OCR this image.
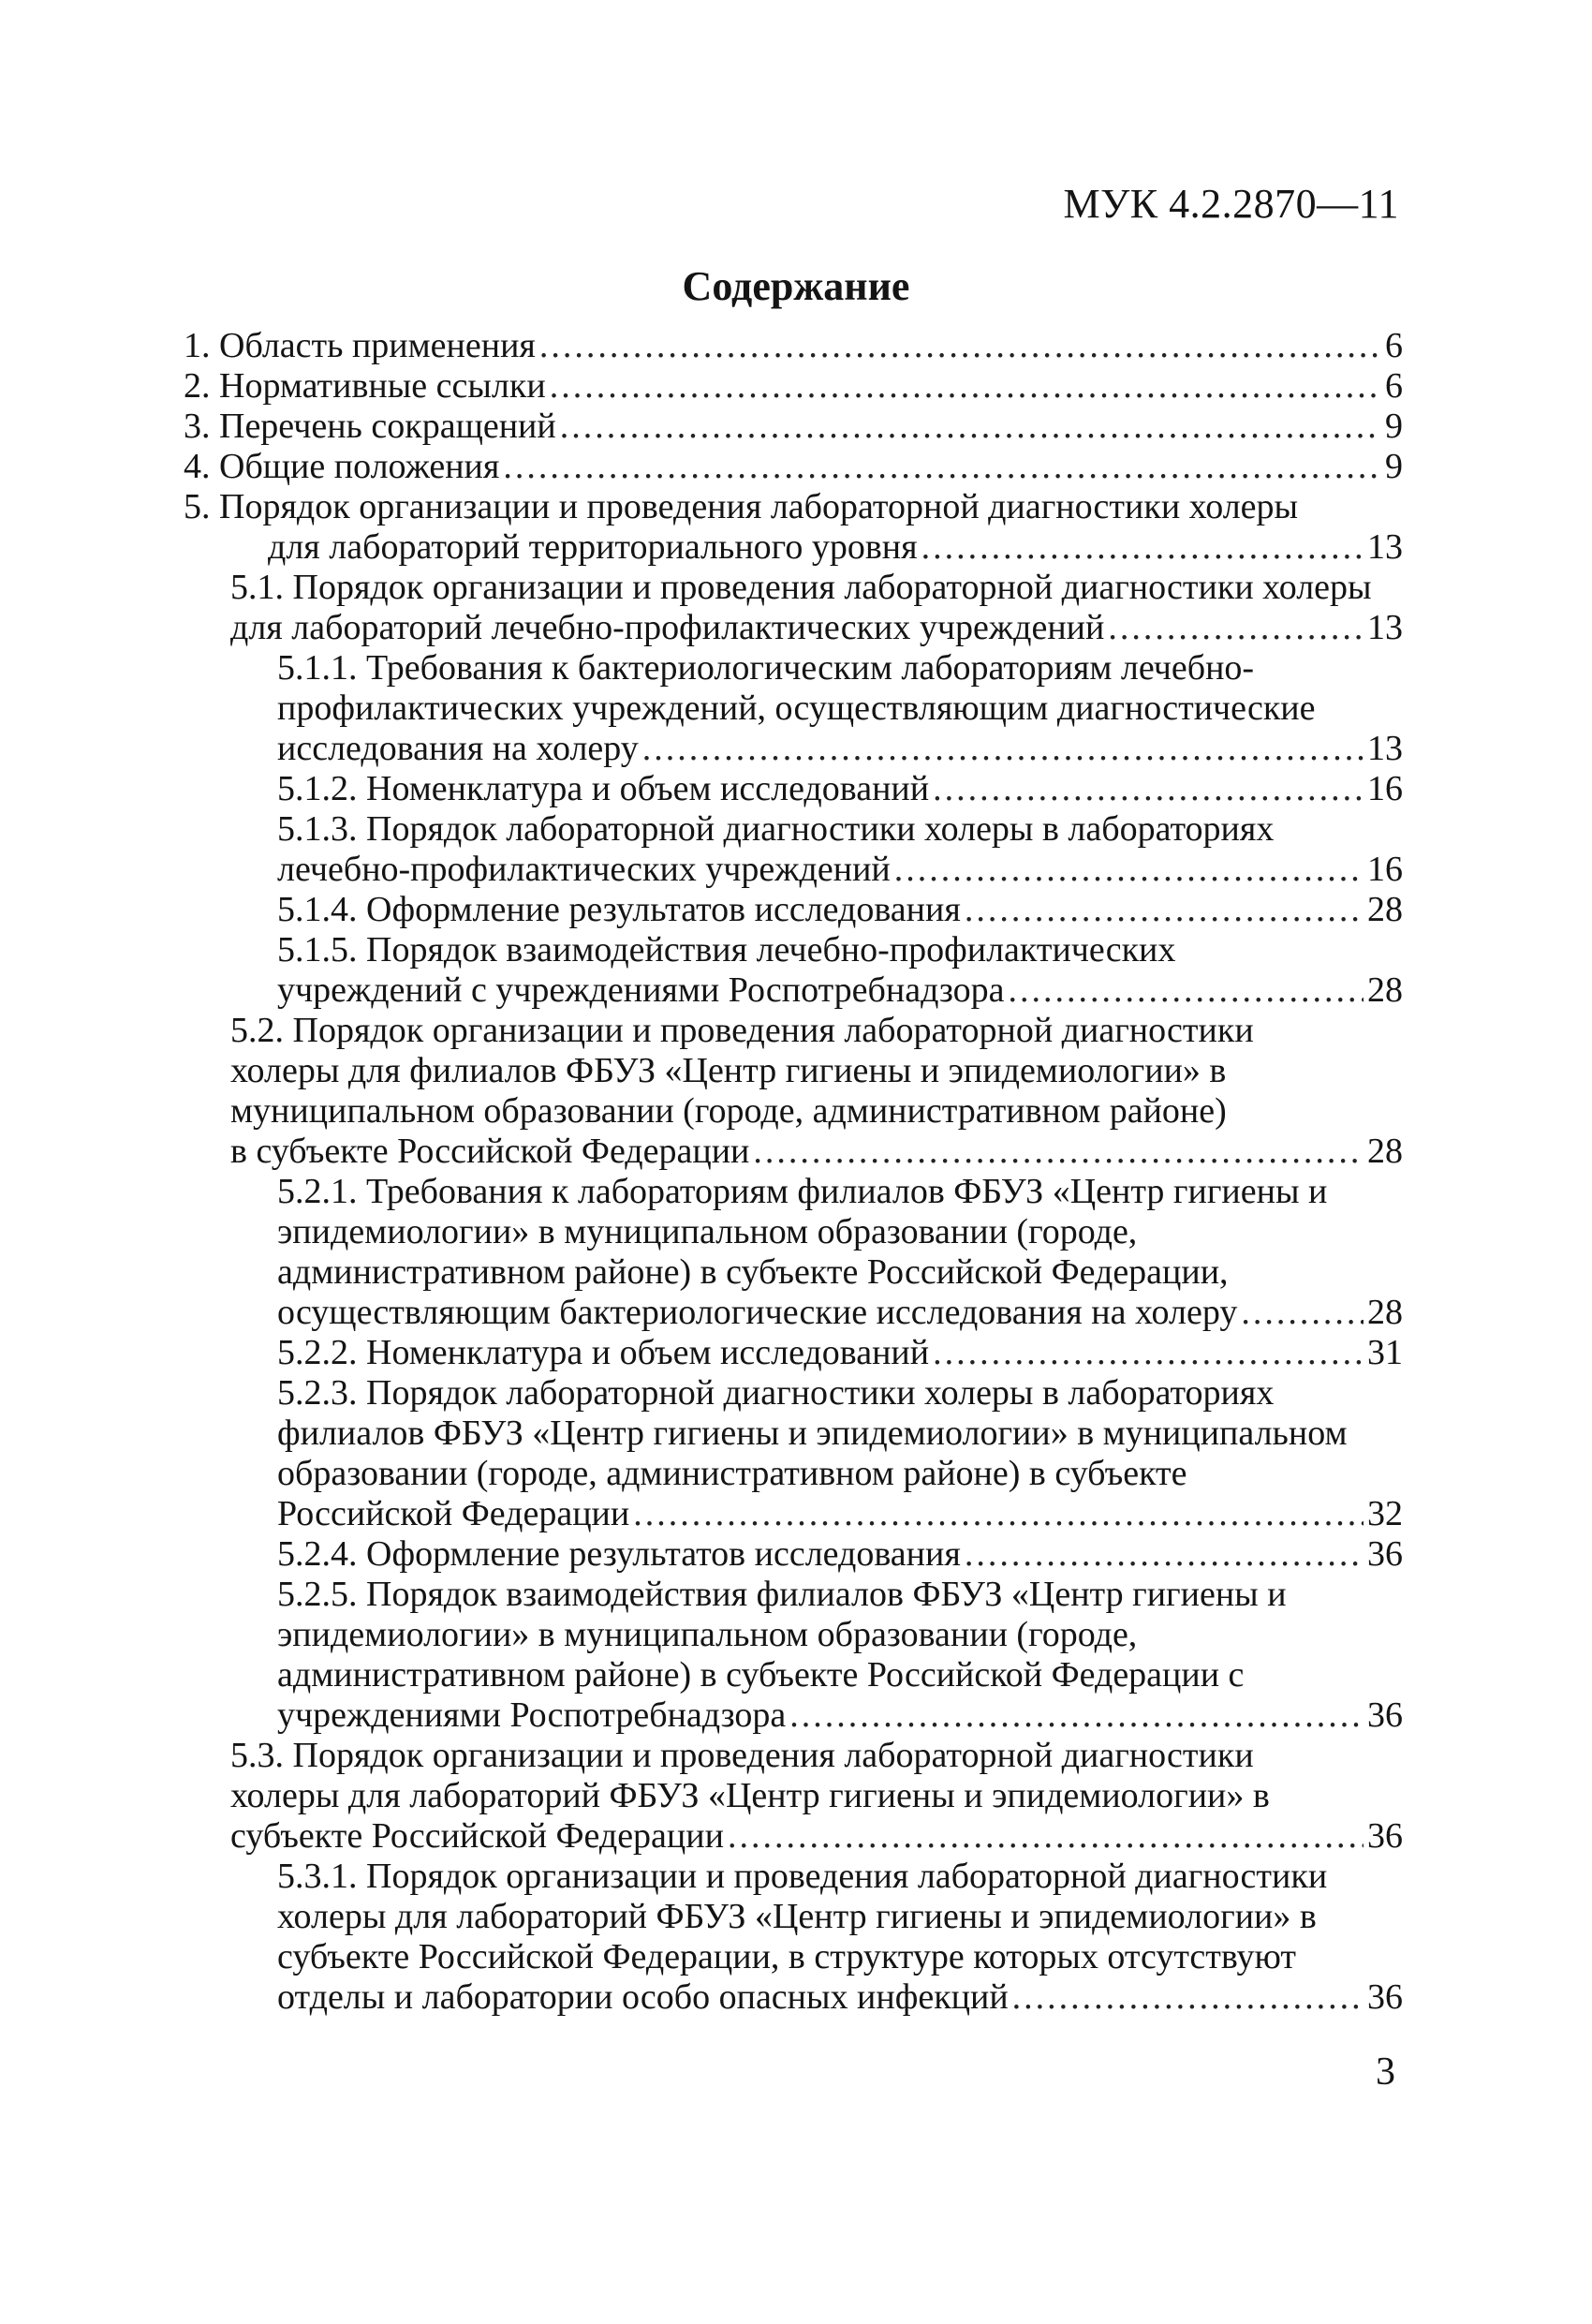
МУК 4.2.2870—11
Содержание
1. Область применения .....	6
2. Нормативные ссылки .....	6
3. Перечень сокращений .....	9
4. Общие положения .....	9
5. Порядок организации и проведения лабораторной диагностики холеры
для лабораторий территориального уровня .....	13
5.1. Порядок организации и проведения лабораторной диагностики холеры
для лабораторий лечебно-профилактических учреждений .....	13
5.1.1. Требования к бактериологическим лабораториям лечебно-
профилактических учреждений, осуществляющим диагностические
исследования на холеру .....	13
5.1.2. Номенклатура и объем исследований .....	16
5.1.3. Порядок лабораторной диагностики холеры в лабораториях
лечебно-профилактических учреждений .....	16
5.1.4. Оформление результатов исследования .....	28
5.1.5. Порядок взаимодействия лечебно-профилактических
учреждений с учреждениями Роспотребнадзора .....	28
5.2. Порядок организации и проведения лабораторной диагностики
холеры для филиалов ФБУЗ «Центр гигиены и эпидемиологии» в
муниципальном образовании (городе, административном районе)
в субъекте Российской Федерации .....	28
5.2.1. Требования к лабораториям филиалов ФБУЗ «Центр гигиены и
эпидемиологии» в муниципальном образовании (городе,
административном районе) в субъекте Российской Федерации,
осуществляющим бактериологические исследования на холеру .....	28
5.2.2. Номенклатура и объем исследований .....	31
5.2.3. Порядок лабораторной диагностики холеры в лабораториях
филиалов ФБУЗ «Центр гигиены и эпидемиологии» в муниципальном
образовании (городе, административном районе) в субъекте
Российской Федерации .....	32
5.2.4. Оформление результатов исследования .....	36
5.2.5. Порядок взаимодействия филиалов ФБУЗ «Центр гигиены и
эпидемиологии» в муниципальном образовании (городе,
административном районе) в субъекте Российской Федерации с
учреждениями Роспотребнадзора .....	36
5.3. Порядок организации и проведения лабораторной диагностики
холеры для лабораторий ФБУЗ «Центр гигиены и эпидемиологии» в
субъекте Российской Федерации .....	36
5.3.1. Порядок организации и проведения лабораторной диагностики
холеры для лабораторий ФБУЗ «Центр гигиены и эпидемиологии» в
субъекте Российской Федерации, в структуре которых отсутствуют
отделы и лаборатории особо опасных инфекций .....	36
3
